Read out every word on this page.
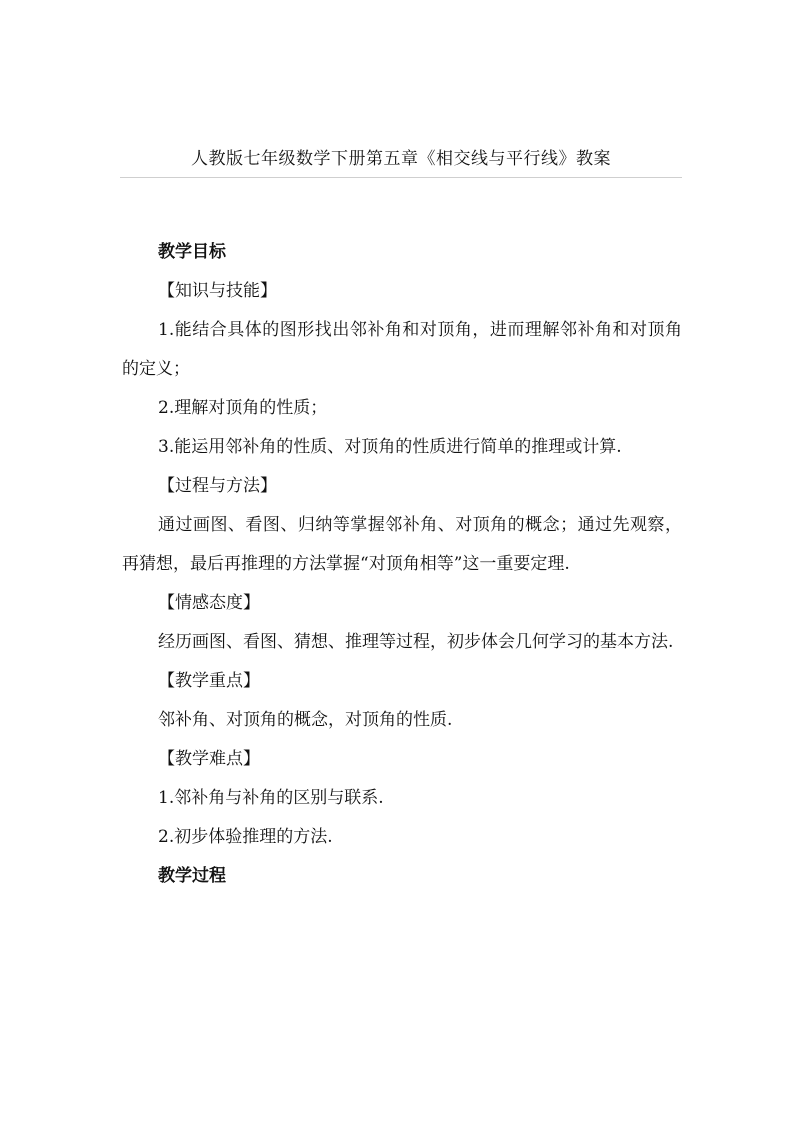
人教版七年级数学下册第五章《相交线与平行线》教案

教学目标

【知识与技能】

1.能结合具体的图形找出邻补角和对顶角，进而理解邻补角和对顶角的定义；

2.理解对顶角的性质；

3.能运用邻补角的性质、对顶角的性质进行简单的推理或计算.

【过程与方法】

通过画图、看图、归纳等掌握邻补角、对顶角的概念；通过先观察，再猜想，最后再推理的方法掌握“对顶角相等”这一重要定理.

【情感态度】

经历画图、看图、猜想、推理等过程，初步体会几何学习的基本方法.

【教学重点】

邻补角、对顶角的概念，对顶角的性质.

【教学难点】

1.邻补角与补角的区别与联系.

2.初步体验推理的方法.

教学过程
